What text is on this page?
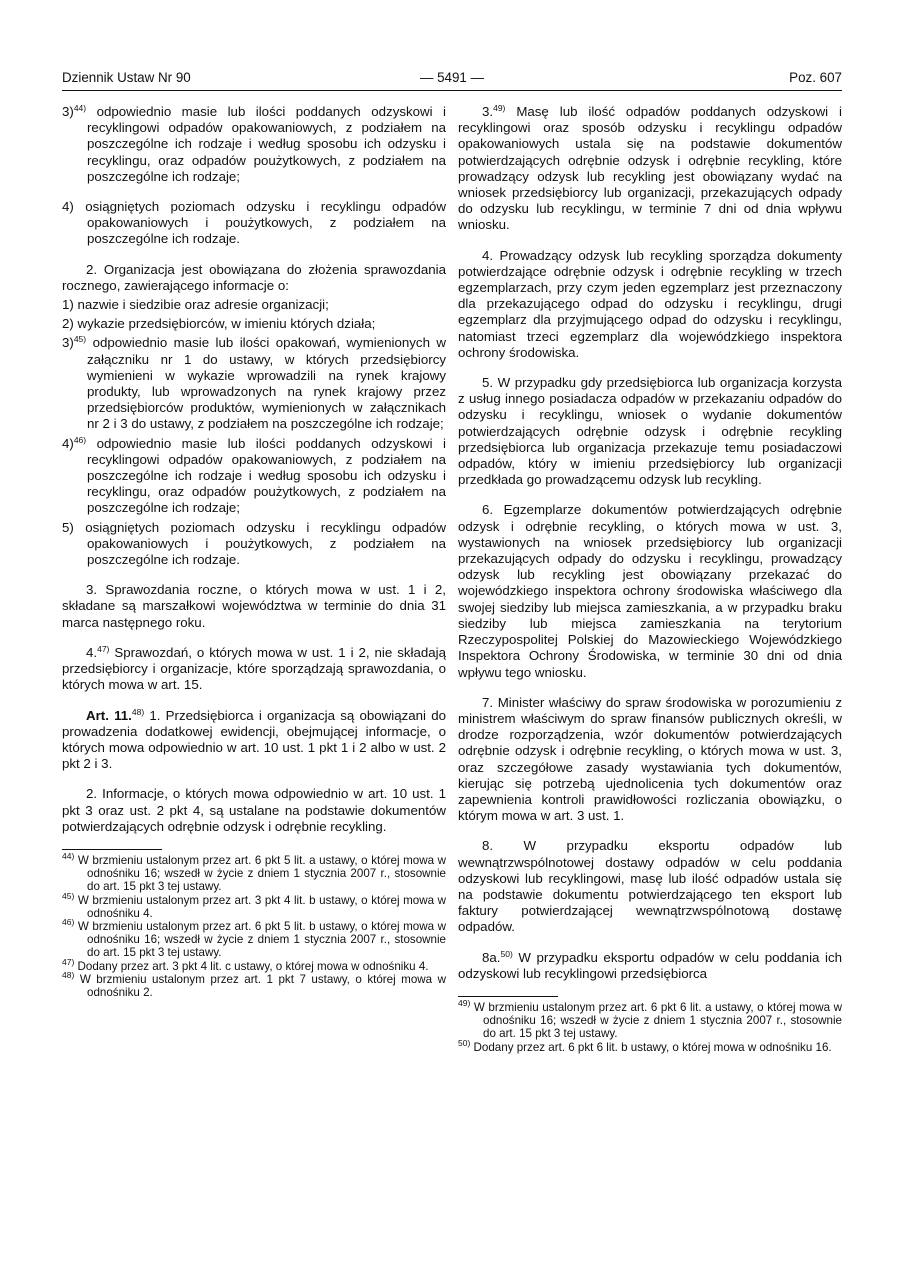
Dziennik Ustaw Nr 90	— 5491 —	Poz. 607

3)$^{44)}$ odpowiednio masie lub ilości poddanych odzyskowi i recyklingowi odpadów opakowaniowych, z podziałem na poszczególne ich rodzaje i według sposobu ich odzysku i recyklingu, oraz odpadów poużytkowych, z podziałem na poszczególne ich rodzaje;

4) osiągniętych poziomach odzysku i recyklingu odpadów opakowaniowych i poużytkowych, z podziałem na poszczególne ich rodzaje.

2. Organizacja jest obowiązana do złożenia sprawozdania rocznego, zawierającego informacje o:

1) nazwie i siedzibie oraz adresie organizacji;

2) wykazie przedsiębiorców, w imieniu których działa;

3)$^{45)}$ odpowiednio masie lub ilości opakowań, wymienionych w załączniku nr 1 do ustawy, w których przedsiębiorcy wymienieni w wykazie wprowadzili na rynek krajowy produkty, lub wprowadzonych na rynek krajowy przez przedsiębiorców produktów, wymienionych w załącznikach nr 2 i 3 do ustawy, z podziałem na poszczególne ich rodzaje;

4)$^{46)}$ odpowiednio masie lub ilości poddanych odzyskowi i recyklingowi odpadów opakowaniowych, z podziałem na poszczególne ich rodzaje i według sposobu ich odzysku i recyklingu, oraz odpadów poużytkowych, z podziałem na poszczególne ich rodzaje;

5) osiągniętych poziomach odzysku i recyklingu odpadów opakowaniowych i poużytkowych, z podziałem na poszczególne ich rodzaje.

3. Sprawozdania roczne, o których mowa w ust. 1 i 2, składane są marszałkowi województwa w terminie do dnia 31 marca następnego roku.

4.$^{47)}$ Sprawozdań, o których mowa w ust. 1 i 2, nie składają przedsiębiorcy i organizacje, które sporządzają sprawozdania, o których mowa w art. 15.

Art. 11.$^{48)}$ 1. Przedsiębiorca i organizacja są obowiązani do prowadzenia dodatkowej ewidencji, obejmującej informacje, o których mowa odpowiednio w art. 10 ust. 1 pkt 1 i 2 albo w ust. 2 pkt 2 i 3.

2. Informacje, o których mowa odpowiednio w art. 10 ust. 1 pkt 3 oraz ust. 2 pkt 4, są ustalane na podstawie dokumentów potwierdzających odrębnie odzysk i odrębnie recykling.

$^{44)}$ W brzmieniu ustalonym przez art. 6 pkt 5 lit. a ustawy, o której mowa w odnośniku 16; wszedł w życie z dniem 1 stycznia 2007 r., stosownie do art. 15 pkt 3 tej ustawy.

$^{45)}$ W brzmieniu ustalonym przez art. 3 pkt 4 lit. b ustawy, o której mowa w odnośniku 4.

$^{46)}$ W brzmieniu ustalonym przez art. 6 pkt 5 lit. b ustawy, o której mowa w odnośniku 16; wszedł w życie z dniem 1 stycznia 2007 r., stosownie do art. 15 pkt 3 tej ustawy.

$^{47)}$ Dodany przez art. 3 pkt 4 lit. c ustawy, o której mowa w odnośniku 4.

$^{48)}$ W brzmieniu ustalonym przez art. 1 pkt 7 ustawy, o której mowa w odnośniku 2.

3.$^{49)}$ Masę lub ilość odpadów poddanych odzyskowi i recyklingowi oraz sposób odzysku i recyklingu odpadów opakowaniowych ustala się na podstawie dokumentów potwierdzających odrębnie odzysk i odrębnie recykling, które prowadzący odzysk lub recykling jest obowiązany wydać na wniosek przedsiębiorcy lub organizacji, przekazujących odpady do odzysku lub recyklingu, w terminie 7 dni od dnia wpływu wniosku.

4. Prowadzący odzysk lub recykling sporządza dokumenty potwierdzające odrębnie odzysk i odrębnie recykling w trzech egzemplarzach, przy czym jeden egzemplarz jest przeznaczony dla przekazującego odpad do odzysku i recyklingu, drugi egzemplarz dla przyjmującego odpad do odzysku i recyklingu, natomiast trzeci egzemplarz dla wojewódzkiego inspektora ochrony środowiska.

5. W przypadku gdy przedsiębiorca lub organizacja korzysta z usług innego posiadacza odpadów w przekazaniu odpadów do odzysku i recyklingu, wniosek o wydanie dokumentów potwierdzających odrębnie odzysk i odrębnie recykling przedsiębiorca lub organizacja przekazuje temu posiadaczowi odpadów, który w imieniu przedsiębiorcy lub organizacji przedkłada go prowadzącemu odzysk lub recykling.

6. Egzemplarze dokumentów potwierdzających odrębnie odzysk i odrębnie recykling, o których mowa w ust. 3, wystawionych na wniosek przedsiębiorcy lub organizacji przekazujących odpady do odzysku i recyklingu, prowadzący odzysk lub recykling jest obowiązany przekazać do wojewódzkiego inspektora ochrony środowiska właściwego dla swojej siedziby lub miejsca zamieszkania, a w przypadku braku siedziby lub miejsca zamieszkania na terytorium Rzeczypospolitej Polskiej do Mazowieckiego Wojewódzkiego Inspektora Ochrony Środowiska, w terminie 30 dni od dnia wpływu tego wniosku.

7. Minister właściwy do spraw środowiska w porozumieniu z ministrem właściwym do spraw finansów publicznych określi, w drodze rozporządzenia, wzór dokumentów potwierdzających odrębnie odzysk i odrębnie recykling, o których mowa w ust. 3, oraz szczegółowe zasady wystawiania tych dokumentów, kierując się potrzebą ujednolicenia tych dokumentów oraz zapewnienia kontroli prawidłowości rozliczania obowiązku, o którym mowa w art. 3 ust. 1.

8. W przypadku eksportu odpadów lub wewnątrzwspólnotowej dostawy odpadów w celu poddania odzyskowi lub recyklingowi, masę lub ilość odpadów ustala się na podstawie dokumentu potwierdzającego ten eksport lub faktury potwierdzającej wewnątrzwspólnotową dostawę odpadów.

8a.$^{50)}$ W przypadku eksportu odpadów w celu poddania ich odzyskowi lub recyklingowi przedsiębiorca

$^{49)}$ W brzmieniu ustalonym przez art. 6 pkt 6 lit. a ustawy, o której mowa w odnośniku 16; wszedł w życie z dniem 1 stycznia 2007 r., stosownie do art. 15 pkt 3 tej ustawy.

$^{50)}$ Dodany przez art. 6 pkt 6 lit. b ustawy, o której mowa w odnośniku 16.
